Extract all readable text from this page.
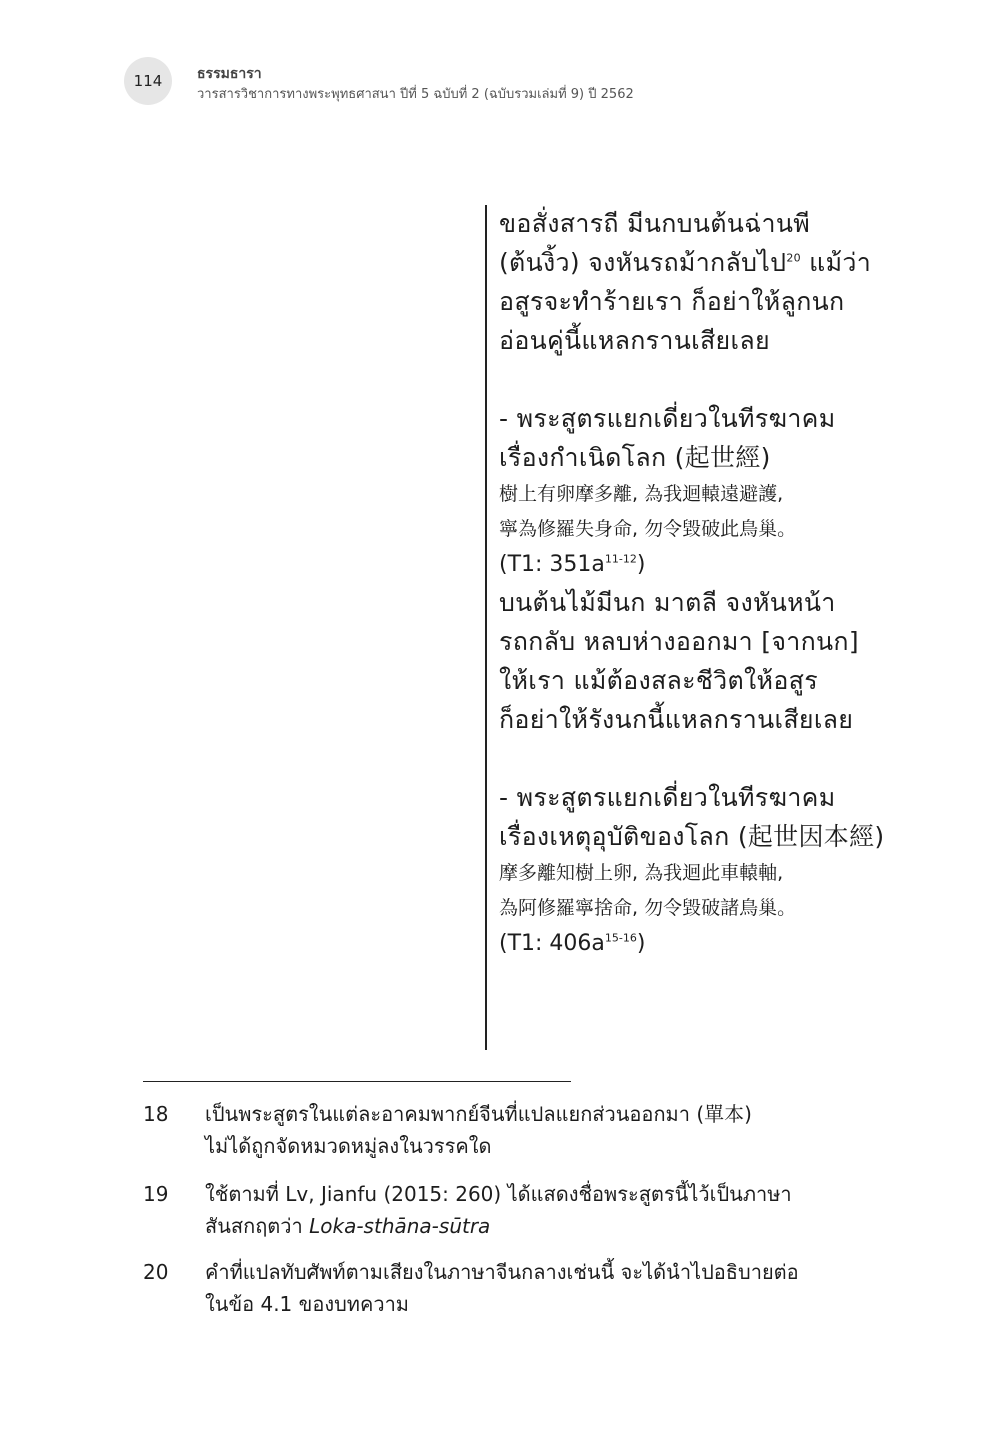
114 ธรรมธารา
วารสารวิชาการทางพระพุทธศาสนา ปีที่ 5 ฉบับที่ 2 (ฉบับรวมเล่มที่ 9) ปี 2562

ขอสั่งสารถี มีนกบนต้นฉ่านพี

(ต้นงิ้ว) จงหันรถม้ากลับไป$^{20}$ แม้ว่า

อสูรจะทำร้ายเรา ก็อย่าให้ลูกนก

อ่อนคู่นี้แหลกรานเสียเลย

- พระสูตรแยกเดี่ยวในทีรฆาคม

เรื่องกำเนิดโลก (起世經)

樹上有卵摩多離, 為我迴轅遠避護,

寧為修羅失身命, 勿令毀破此鳥巢。

(T1: $351a^{11-12}$)

บนต้นไม้มีนก มาตลี จงหันหน้า

รถกลับ หลบห่างออกมา [จากนก]

ให้เรา แม้ต้องสละชีวิตให้อสูร

ก็อย่าให้รังนกนี้แหลกรานเสียเลย

- พระสูตรแยกเดี่ยวในทีรฆาคม

เรื่องเหตุอุบัติของโลก (起世因本經)

摩多離知樹上卵, 為我迴此車轅軸,

為阿修羅寧捨命, 勿令毀破諸鳥巢。

(T1: $406a^{15-16}$)

18 เป็นพระสูตรในแต่ละอาคมพากย์จีนที่แปลแยกส่วนออกมา (單本)
ไม่ได้ถูกจัดหมวดหมู่ลงในวรรคใด
19 ใช้ตามที่ Lv, Jianfu (2015: 260) ได้แสดงชื่อพระสูตรนี้ไว้เป็นภาษา
สันสกฤตว่า Loka-sthāna-sūtra
20 คำที่แปลทับศัพท์ตามเสียงในภาษาจีนกลางเช่นนี้ จะได้นำไปอธิบายต่อ
ในข้อ 4.1 ของบทความ
